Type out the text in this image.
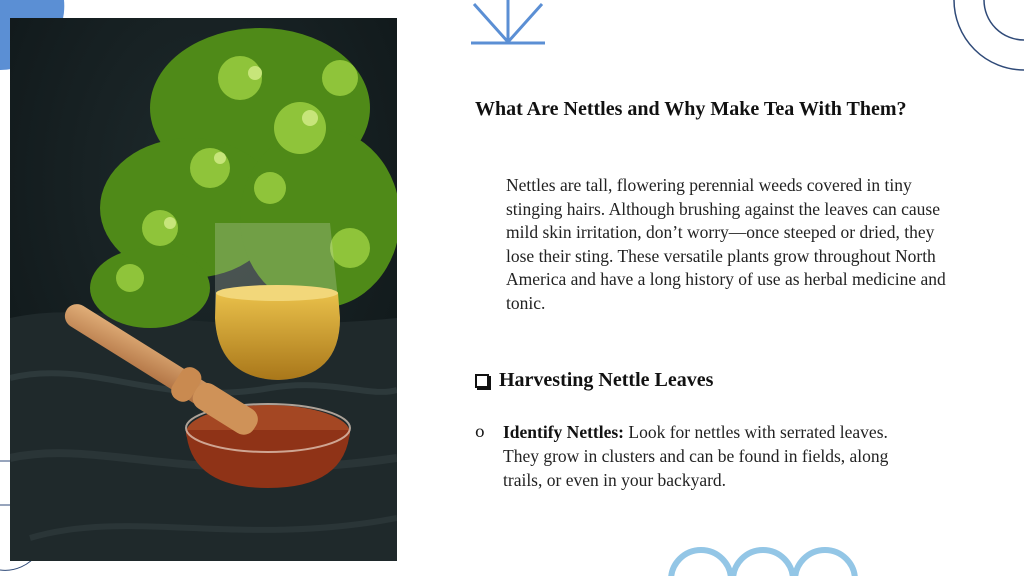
What Are Nettles and Why Make Tea With Them?

Nettles are tall, flowering perennial weeds covered in tiny stinging hairs. Although brushing against the leaves can cause mild skin irritation, don’t worry—once steeped or dried, they lose their sting. These versatile plants grow throughout North America and have a long history of use as herbal medicine and tonic.

Harvesting Nettle Leaves
o	Identify Nettles: Look for nettles with serrated leaves. They grow in clusters and can be found in fields, along trails, or even in your backyard.
